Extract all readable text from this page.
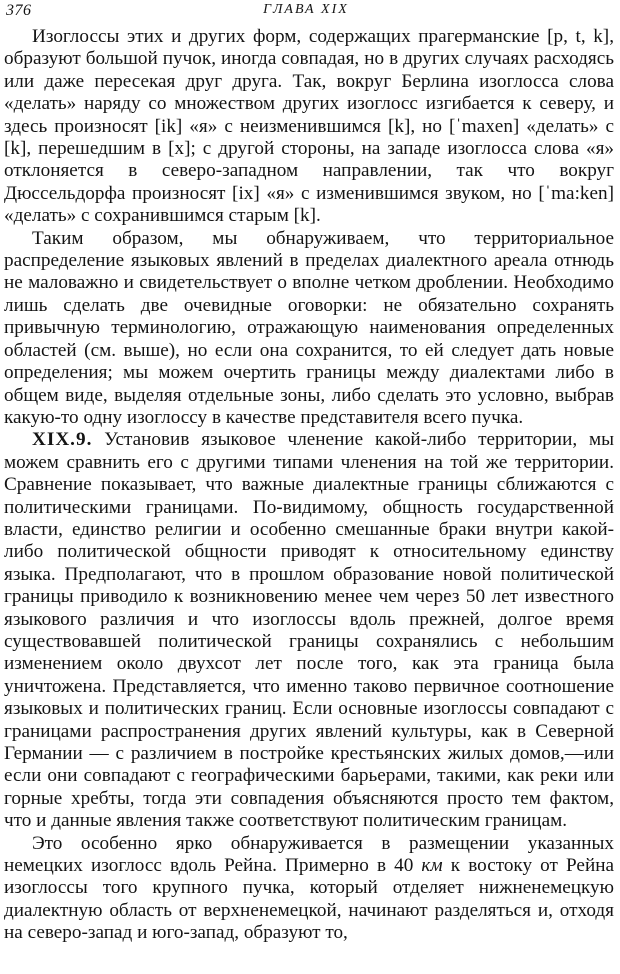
376	ГЛАВА XIX

Изоглоссы этих и других форм, содержащих прагерманские [p, t, k], образуют большой пучок, иногда совпадая, но в других случаях расходясь или даже пересекая друг друга. Так, вокруг Берлина изоглосса слова «делать» наряду со множеством других изоглосс изгибается к северу, и здесь произносят [ik] «я» с неизменившимся [k], но [ˈmaxen] «делать» с [k], перешедшим в [x]; с другой стороны, на западе изоглосса слова «я» отклоняется в северо-западном направлении, так что вокруг Дюссельдорфа произносят [ix] «я» с изменившимся звуком, но [ˈma:ken] «делать» с сохранившимся старым [k].

Таким образом, мы обнаруживаем, что территориальное распределение языковых явлений в пределах диалектного ареала отнюдь не маловажно и свидетельствует о вполне четком дроблении. Необходимо лишь сделать две очевидные оговорки: не обязательно сохранять привычную терминологию, отражающую наименования определенных областей (см. выше), но если она сохранится, то ей следует дать новые определения; мы можем очертить границы между диалектами либо в общем виде, выделяя отдельные зоны, либо сделать это условно, выбрав какую-то одну изоглоссу в качестве представителя всего пучка.

XIX.9. Установив языковое членение какой-либо территории, мы можем сравнить его с другими типами членения на той же территории. Сравнение показывает, что важные диалектные границы сближаются с политическими границами. По-видимому, общность государственной власти, единство религии и особенно смешанные браки внутри какой-либо политической общности приводят к относительному единству языка. Предполагают, что в прошлом образование новой политической границы приводило к возникновению менее чем через 50 лет известного языкового различия и что изоглоссы вдоль прежней, долгое время существовавшей политической границы сохранялись с небольшим изменением около двухсот лет после того, как эта граница была уничтожена. Представляется, что именно таково первичное соотношение языковых и политических границ. Если основные изоглоссы совпадают с границами распространения других явлений культуры, как в Северной Германии — с различием в постройке крестьянских жилых домов,—или если они совпадают с географическими барьерами, такими, как реки или горные хребты, тогда эти совпадения объясняются просто тем фактом, что и данные явления также соответствуют политическим границам.

Это особенно ярко обнаруживается в размещении указанных немецких изоглосс вдоль Рейна. Примерно в 40 км к востоку от Рейна изоглоссы того крупного пучка, который отделяет нижненемецкую диалектную область от верхненемецкой, начинают разделяться и, отходя на северо-запад и юго-запад, образуют то,
